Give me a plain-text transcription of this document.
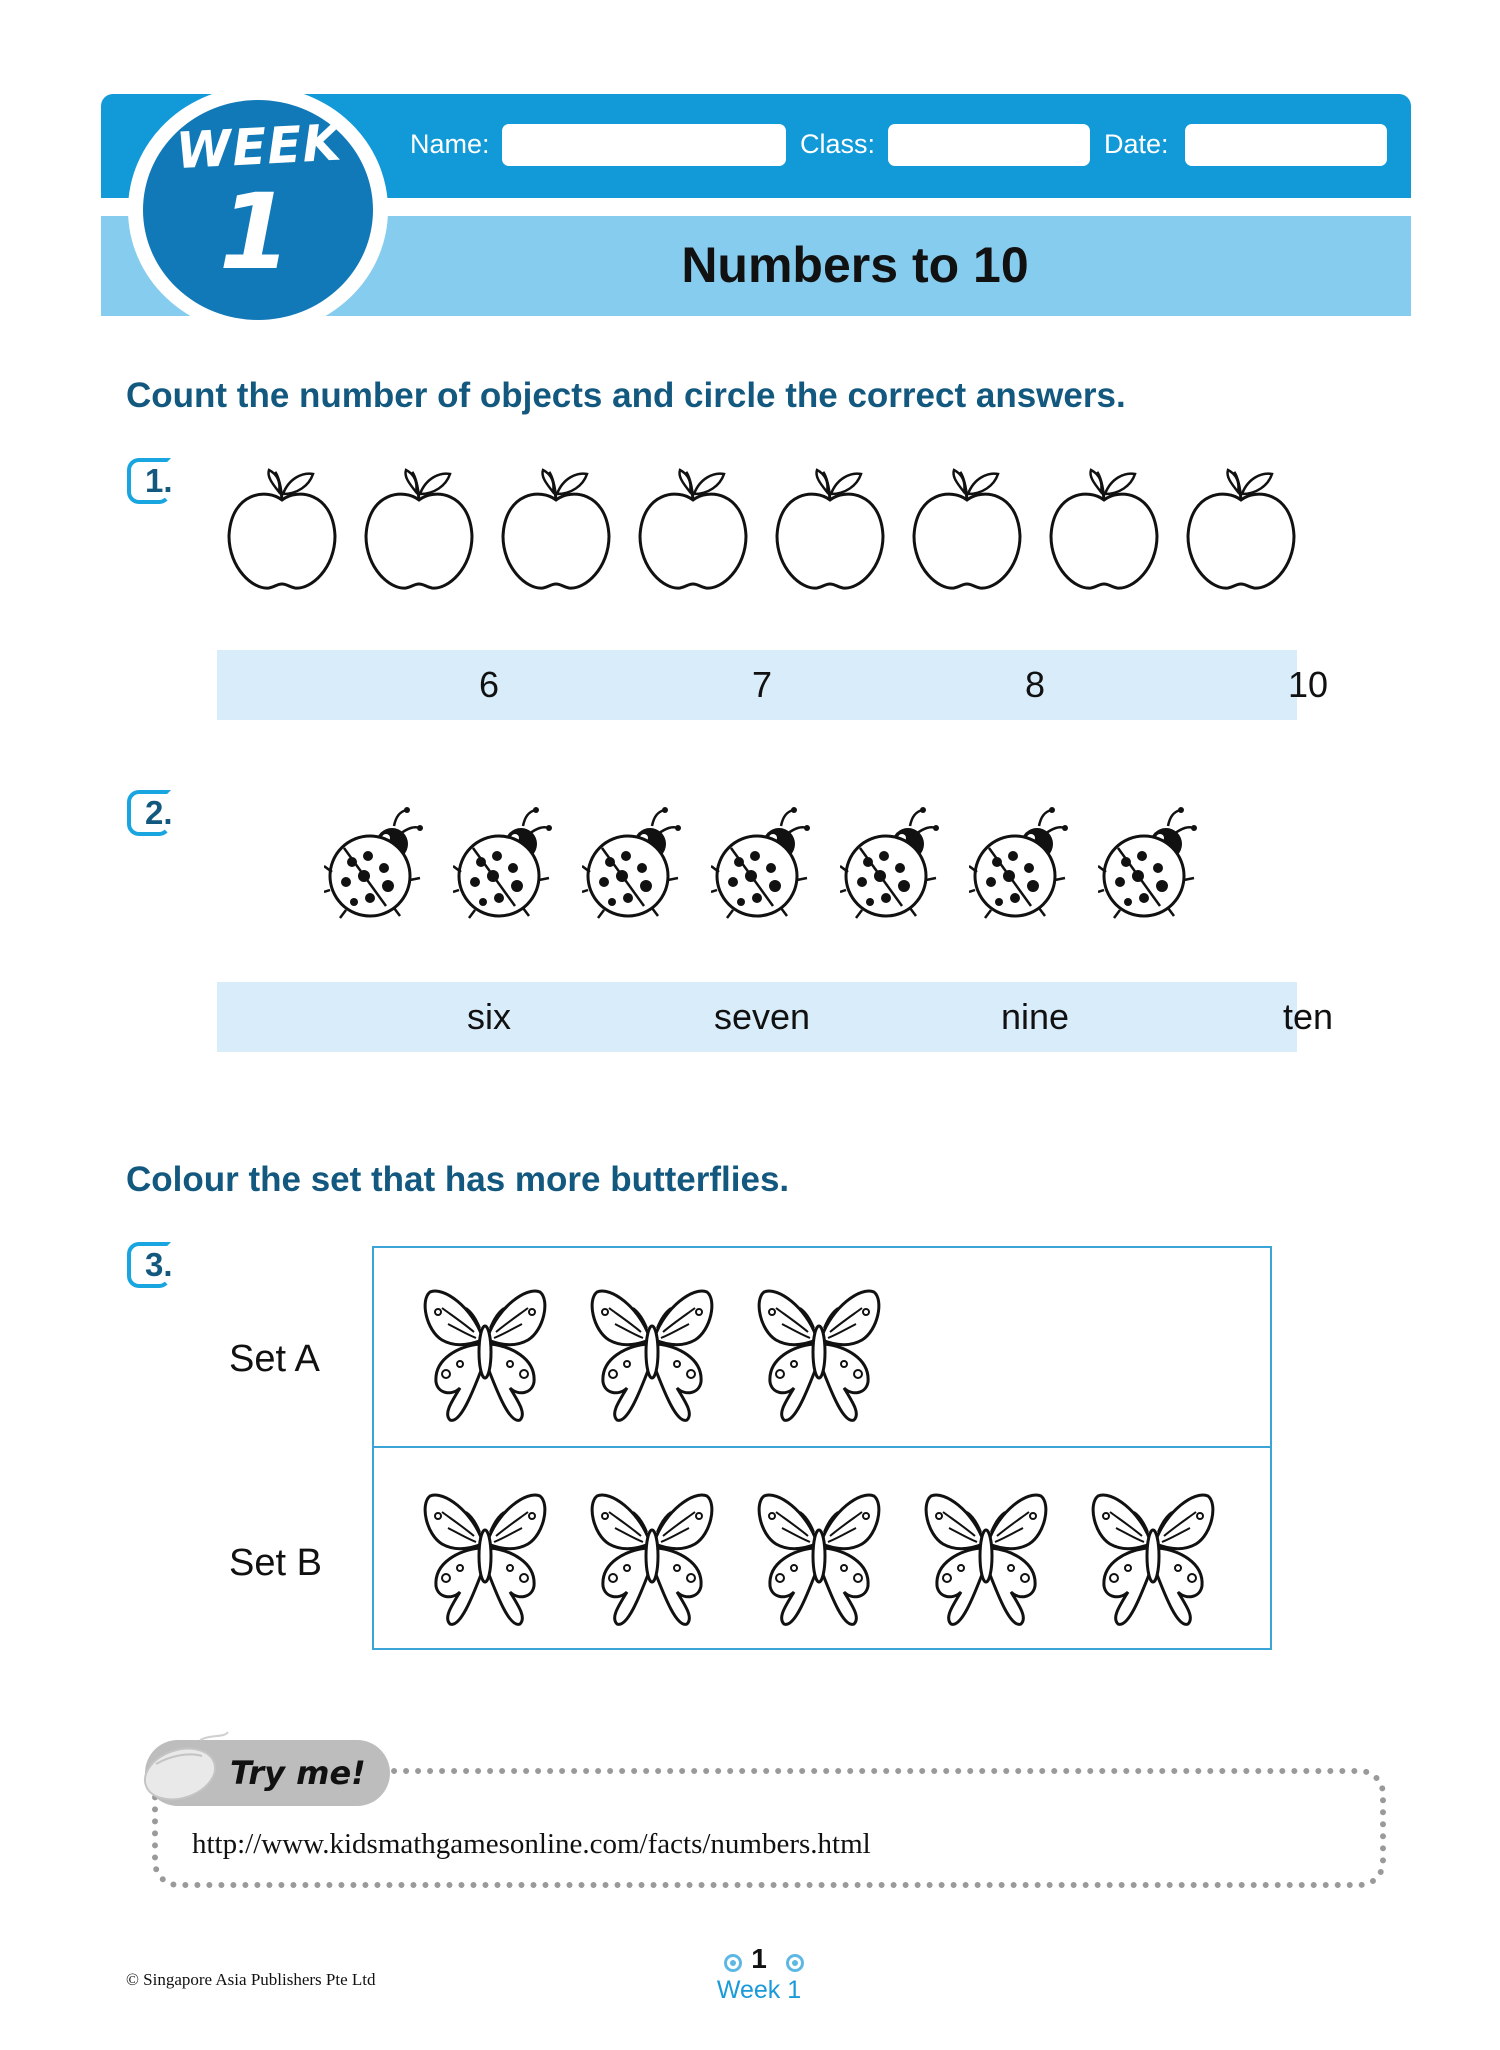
WEEK
1
Name:	Class:	Date:
Numbers to 10
Count the number of objects and circle the correct answers.
1.
6	7	8	10
2.
six	seven	nine	ten
Colour the set that has more butterflies.
3.
Set A
Set B
Try me!
http://www.kidsmathgamesonline.com/facts/numbers.html
© Singapore Asia Publishers Pte Ltd
1
Week 1
